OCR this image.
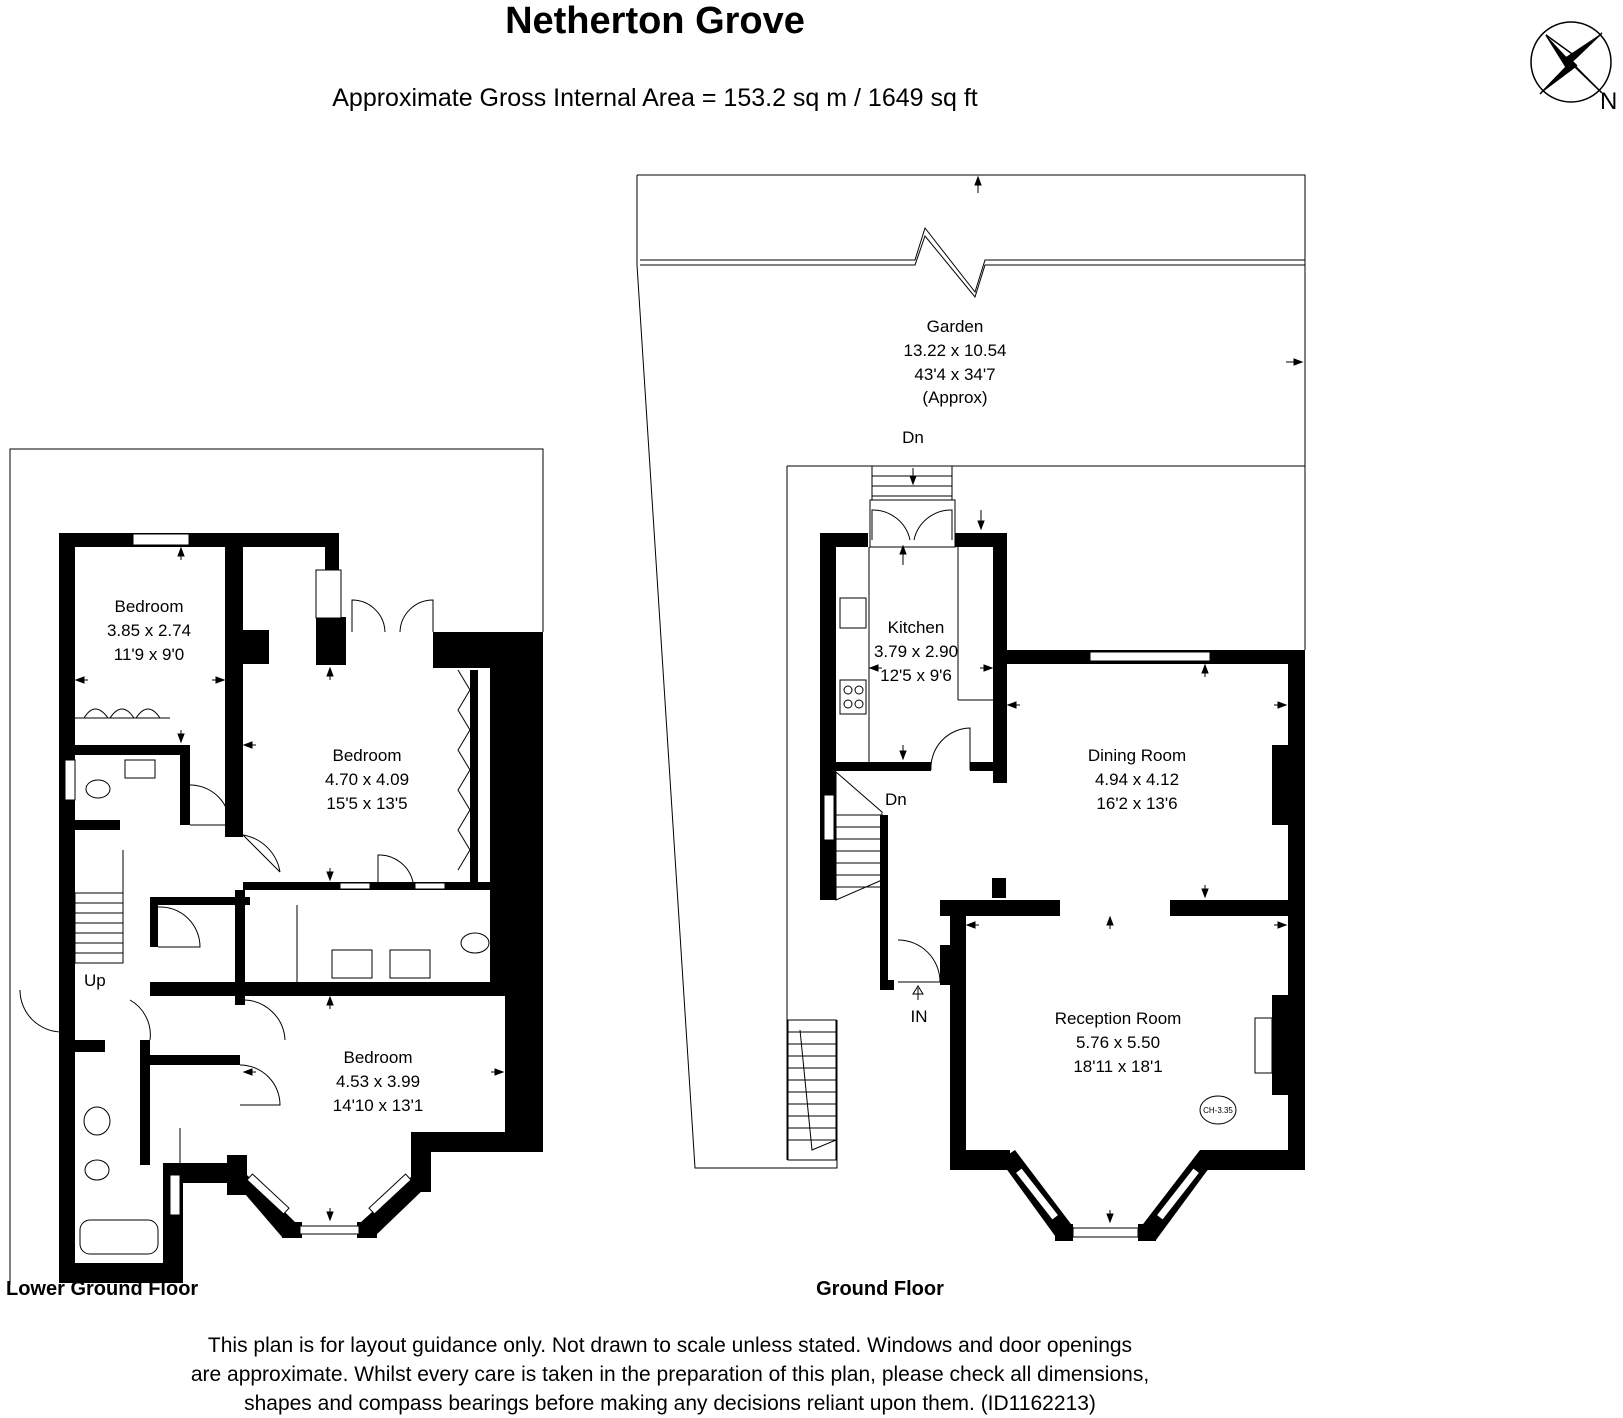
Netherton Grove
Approximate Gross Internal Area = 153.2 sq m / 1649 sq ft
Bedroom
3.85 x 2.74
11'9 x 9'0
Bedroom
4.70 x 4.09
15'5 x 13'5
Bedroom
4.53 x 3.99
14'10 x 13'1
Up
Lower Ground Floor
CH-3.35
Garden
13.22 x 10.54
43'4 x 34'7
(Approx)
Dn
Kitchen
3.79 x 2.90
12'5 x 9'6
Dining Room
4.94 x 4.12
16'2 x 13'6
Reception Room
5.76 x 5.50
18'11 x 18'1
Dn
IN
Ground Floor
N
This plan is for layout guidance only. Not drawn to scale unless stated. Windows and door openings
are approximate. Whilst every care is taken in the preparation of this plan, please check all dimensions,
shapes and compass bearings before making any decisions reliant upon them. (ID1162213)
